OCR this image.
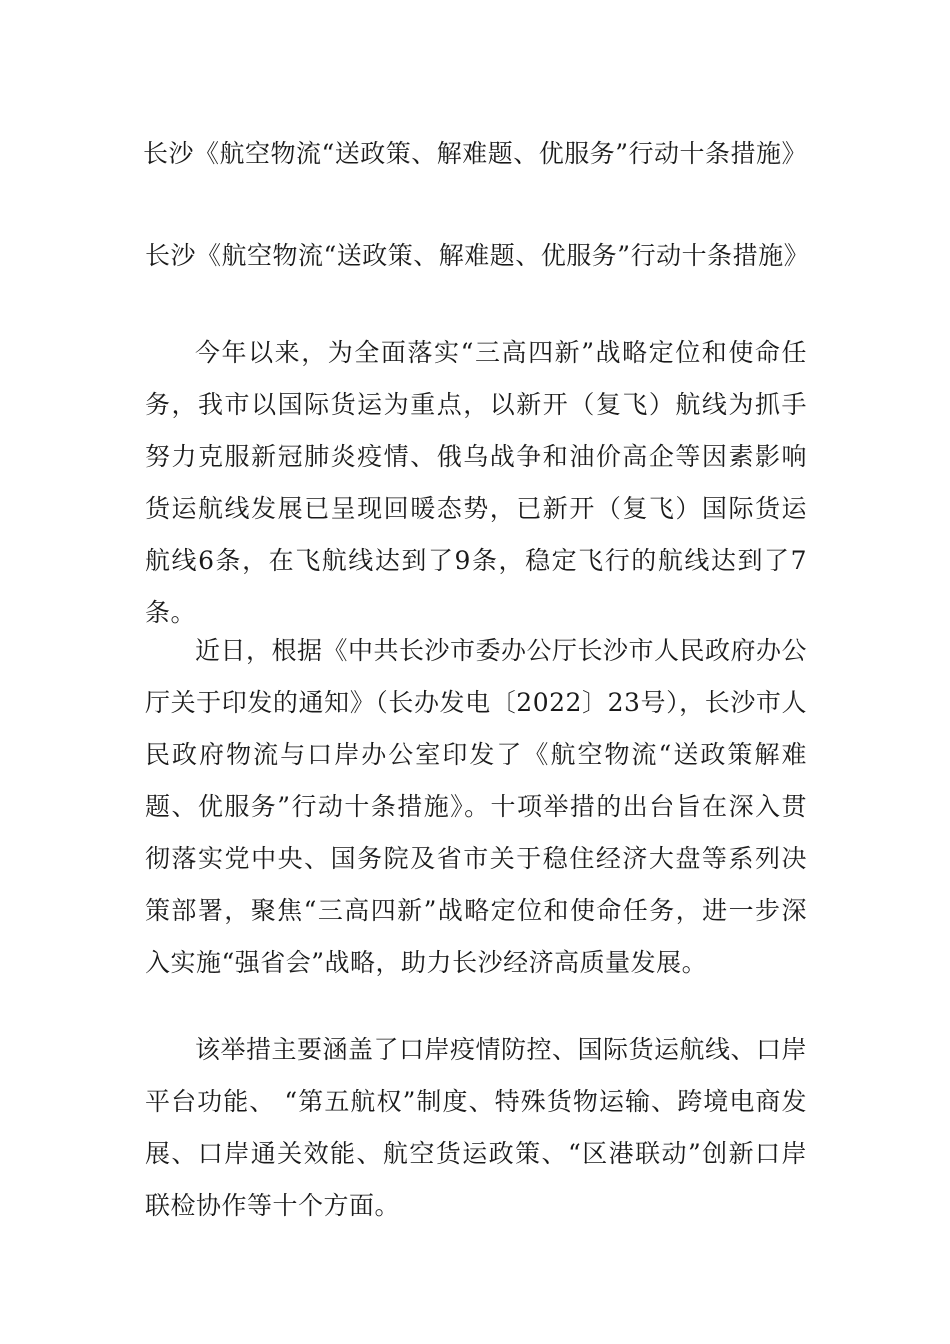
长沙《航空物流“送政策、解难题、优服务”行动十条措施》

长沙《航空物流“送政策、解难题、优服务”行动十条措施》

今年以来，为全面落实“三高四新”战略定位和使命任务，我市以国际货运为重点，以新开（复飞）航线为抓手努力克服新冠肺炎疫情、俄乌战争和油价高企等因素影响货运航线发展已呈现回暖态势，已新开（复飞）国际货运航线6条，在飞航线达到了9条，稳定飞行的航线达到了7条。

近日，根据《中共长沙市委办公厅长沙市人民政府办公厅关于印发的通知》（长办发电〔2022〕23号），长沙市人民政府物流与口岸办公室印发了《航空物流“送政策解难题、优服务”行动十条措施》。十项举措的出台旨在深入贯彻落实党中央、国务院及省市关于稳住经济大盘等系列决策部署，聚焦“三高四新”战略定位和使命任务，进一步深入实施“强省会”战略，助力长沙经济高质量发展。

该举措主要涵盖了口岸疫情防控、国际货运航线、口岸平台功能、 “第五航权”制度、特殊货物运输、跨境电商发展、口岸通关效能、航空货运政策、“区港联动”创新口岸联检协作等十个方面。
